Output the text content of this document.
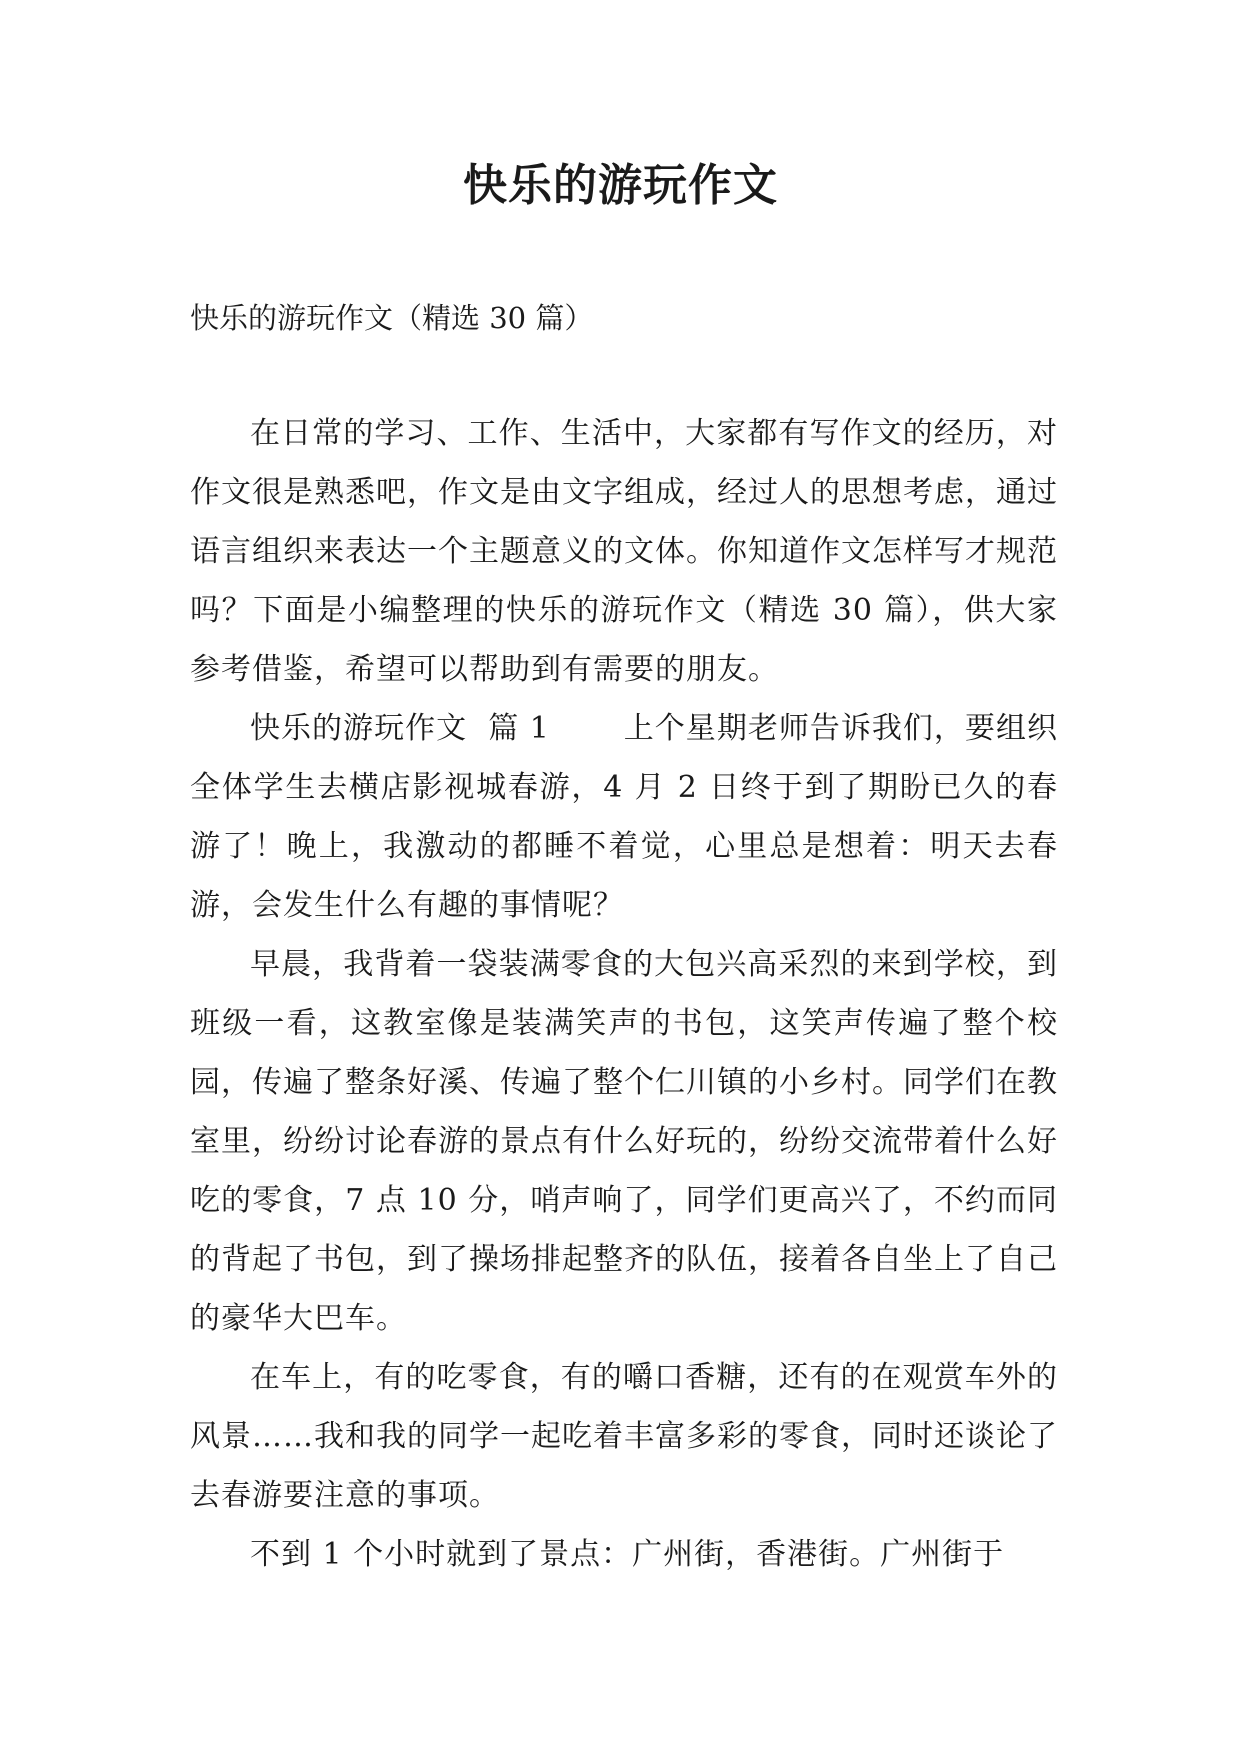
快乐的游玩作文

快乐的游玩作文（精选 30 篇）

在日常的学习、工作、生活中，大家都有写作文的经历，对作文很是熟悉吧，作文是由文字组成，经过人的思想考虑，通过语言组织来表达一个主题意义的文体。你知道作文怎样写才规范吗？下面是小编整理的快乐的游玩作文（精选 30 篇），供大家参考借鉴，希望可以帮助到有需要的朋友。

快乐的游玩作文  篇 1 上个星期老师告诉我们，要组织全体学生去横店影视城春游，4 月 2 日终于到了期盼已久的春游了！晚上，我激动的都睡不着觉，心里总是想着：明天去春游，会发生什么有趣的事情呢？

早晨，我背着一袋装满零食的大包兴高采烈的来到学校，到班级一看，这教室像是装满笑声的书包，这笑声传遍了整个校园，传遍了整条好溪、传遍了整个仁川镇的小乡村。同学们在教室里，纷纷讨论春游的景点有什么好玩的，纷纷交流带着什么好吃的零食，7 点 10 分，哨声响了，同学们更高兴了，不约而同的背起了书包，到了操场排起整齐的队伍，接着各自坐上了自己的豪华大巴车。

在车上，有的吃零食，有的嚼口香糖，还有的在观赏车外的风景……我和我的同学一起吃着丰富多彩的零食，同时还谈论了去春游要注意的事项。

不到 1 个小时就到了景点：广州街，香港街。广州街于
